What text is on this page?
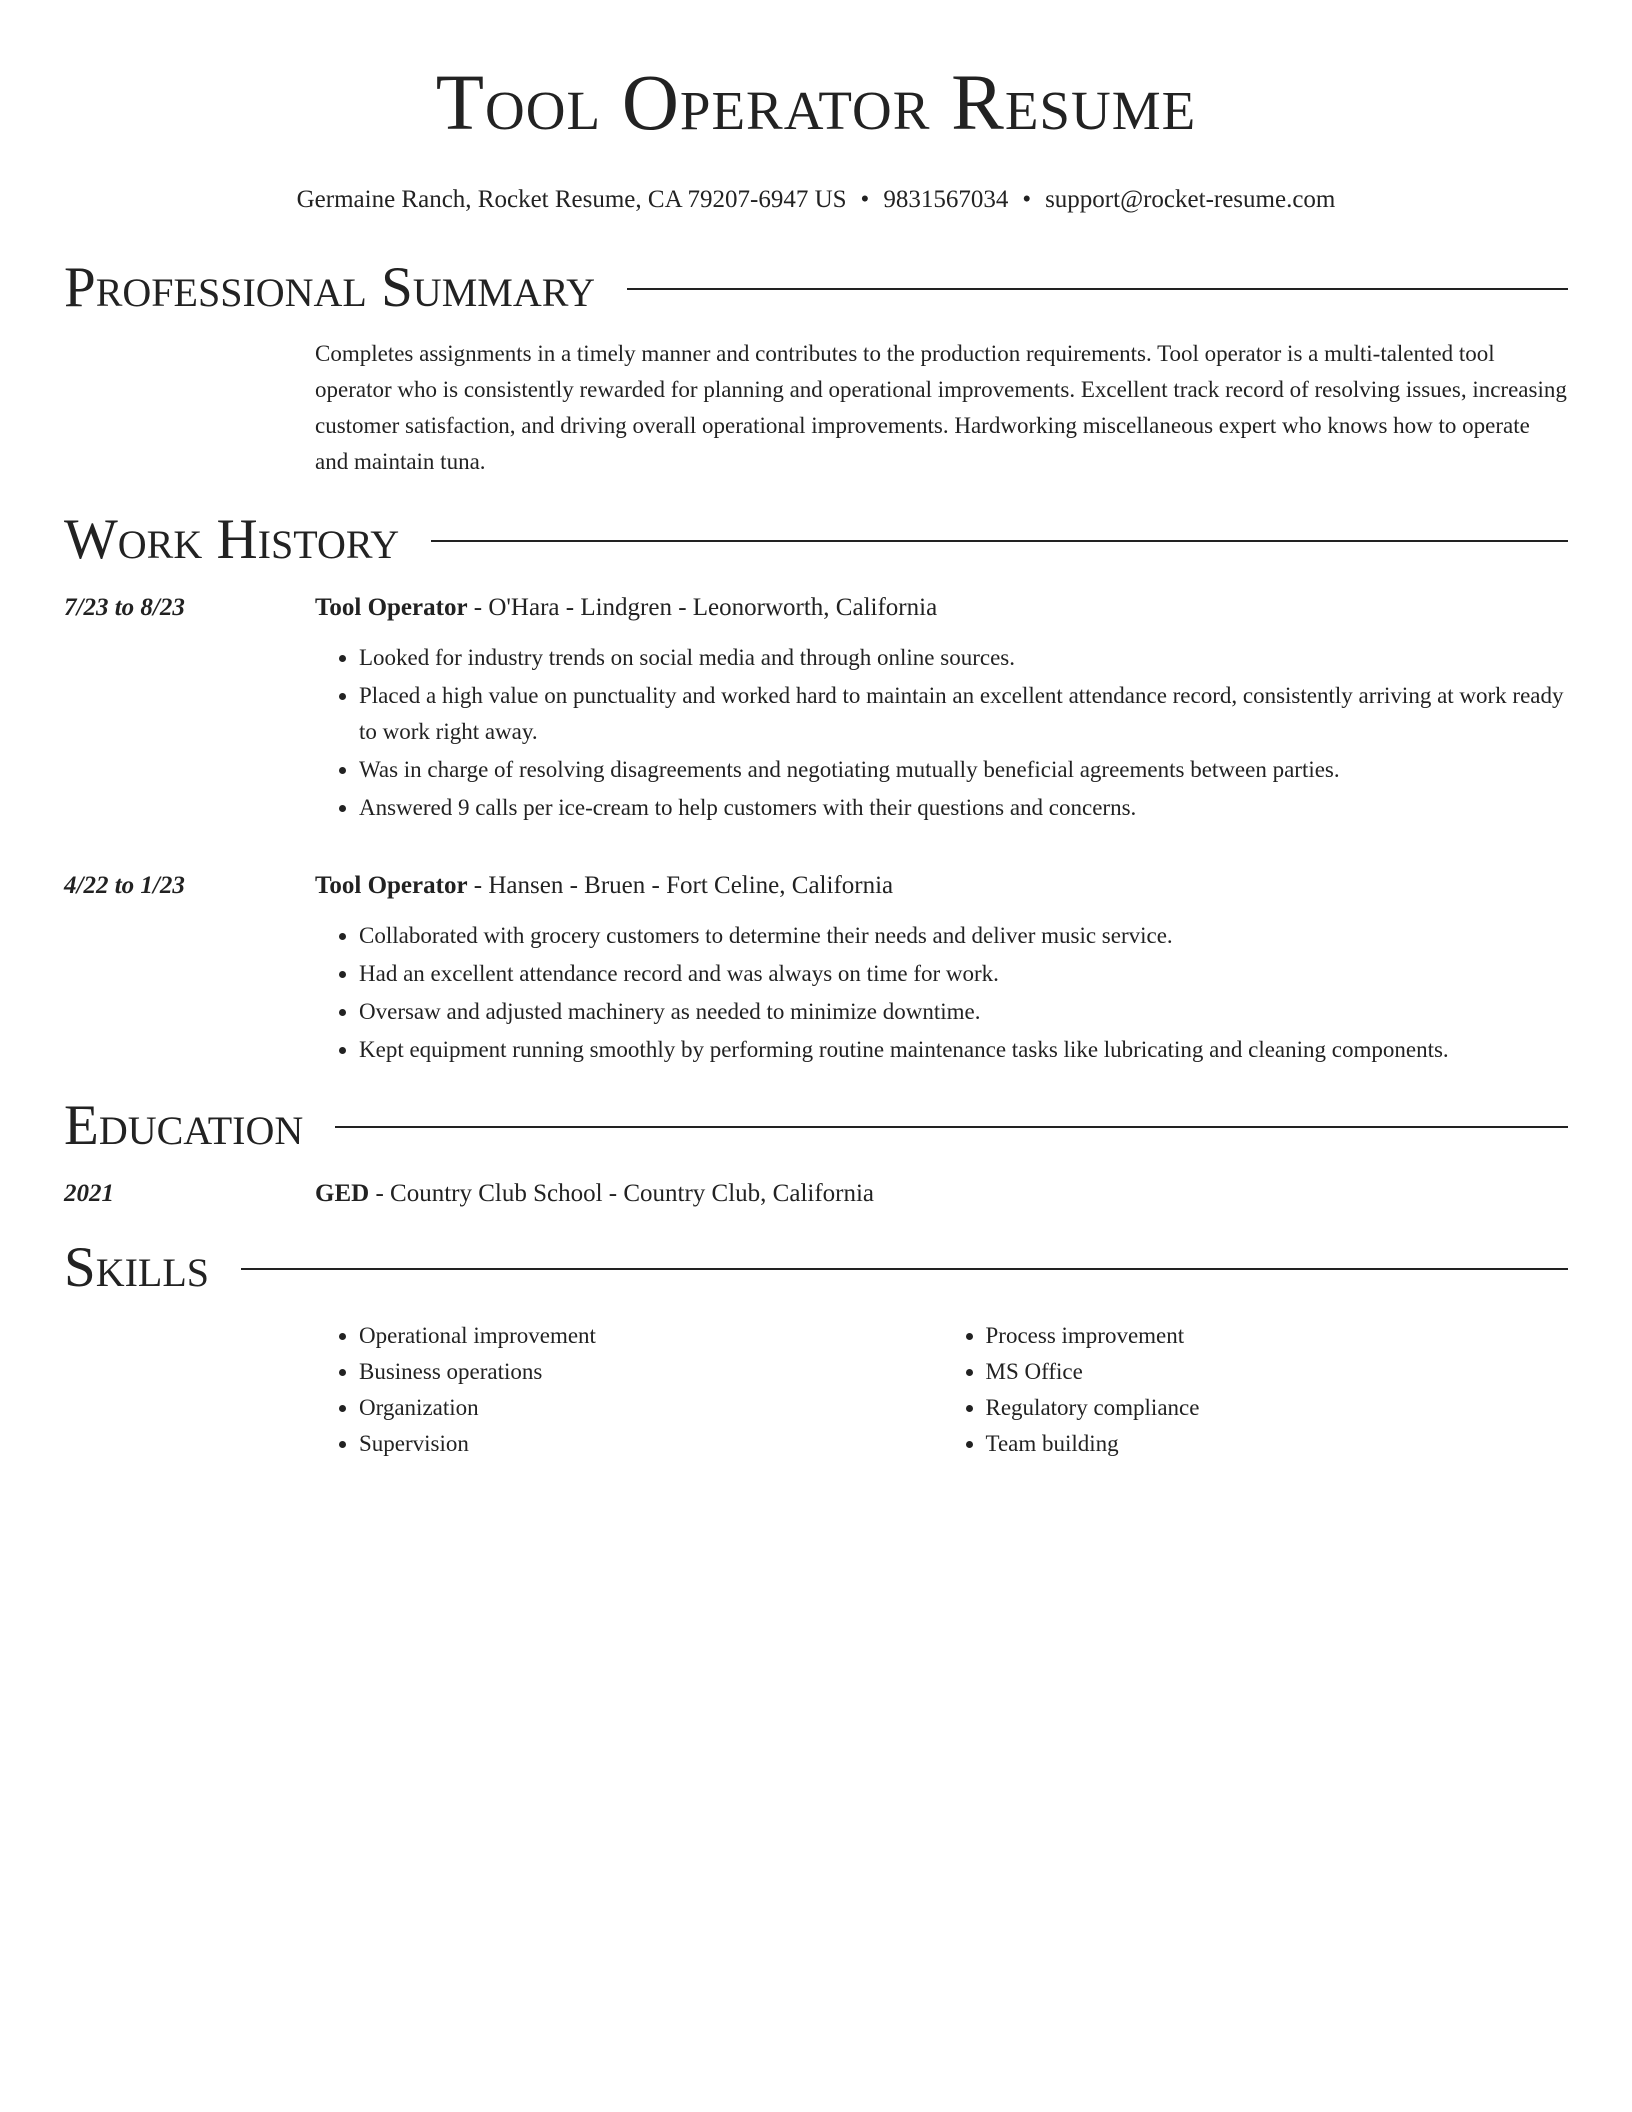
Tool Operator Resume
Germaine Ranch, Rocket Resume, CA 79207-6947 US • 9831567034 • support@rocket-resume.com
Professional Summary
Completes assignments in a timely manner and contributes to the production requirements. Tool operator is a multi-talented tool operator who is consistently rewarded for planning and operational improvements. Excellent track record of resolving issues, increasing customer satisfaction, and driving overall operational improvements. Hardworking miscellaneous expert who knows how to operate and maintain tuna.
Work History
7/23 to 8/23	Tool Operator - O'Hara - Lindgren - Leonorworth, California
• Looked for industry trends on social media and through online sources.
• Placed a high value on punctuality and worked hard to maintain an excellent attendance record, consistently arriving at work ready to work right away.
• Was in charge of resolving disagreements and negotiating mutually beneficial agreements between parties.
• Answered 9 calls per ice-cream to help customers with their questions and concerns.
4/22 to 1/23	Tool Operator - Hansen - Bruen - Fort Celine, California
• Collaborated with grocery customers to determine their needs and deliver music service.
• Had an excellent attendance record and was always on time for work.
• Oversaw and adjusted machinery as needed to minimize downtime.
• Kept equipment running smoothly by performing routine maintenance tasks like lubricating and cleaning components.
Education
2021	GED - Country Club School - Country Club, California
Skills
• Operational improvement
• Business operations
• Organization
• Supervision
• Process improvement
• MS Office
• Regulatory compliance
• Team building
